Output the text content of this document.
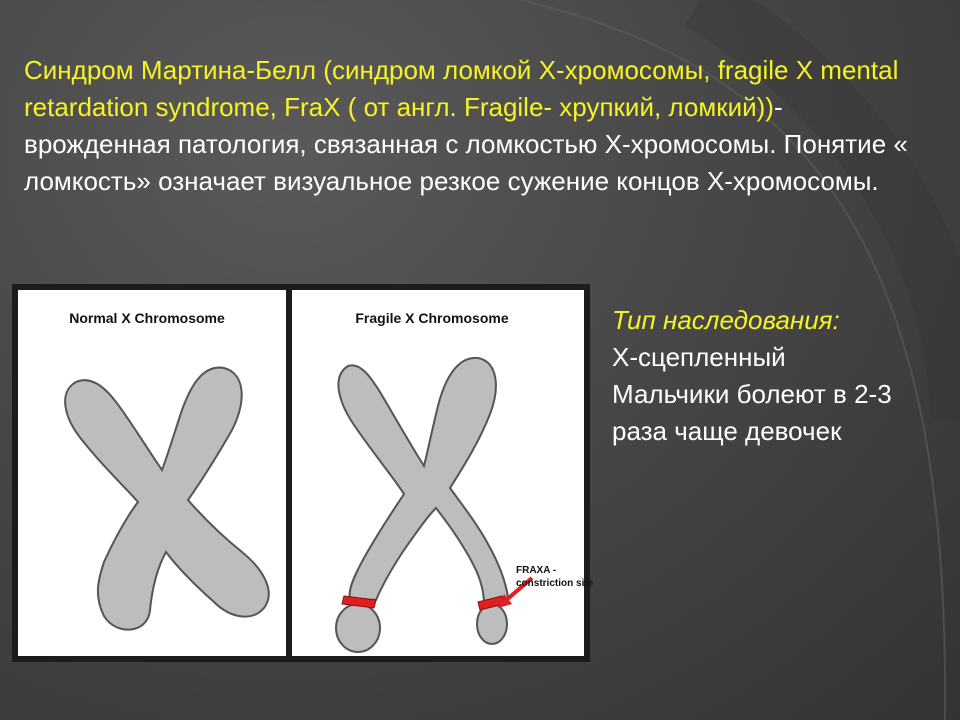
Синдром Мартина-Белл (синдром ломкой Х-хромосомы, fragile X mental retardation syndrome, FraX ( от англ. Fragile- хрупкий, ломкий))- врожденная патология, связанная с ломкостью Х-хромосомы. Понятие « ломкость» означает визуальное резкое сужение концов Х-хромосомы.

Normal X Chromosome	Fragile X Chromosome
FRAXA - constriction site
Тип наследования:
Х-сцепленный
Мальчики болеют в 2-3 раза чаще девочек
